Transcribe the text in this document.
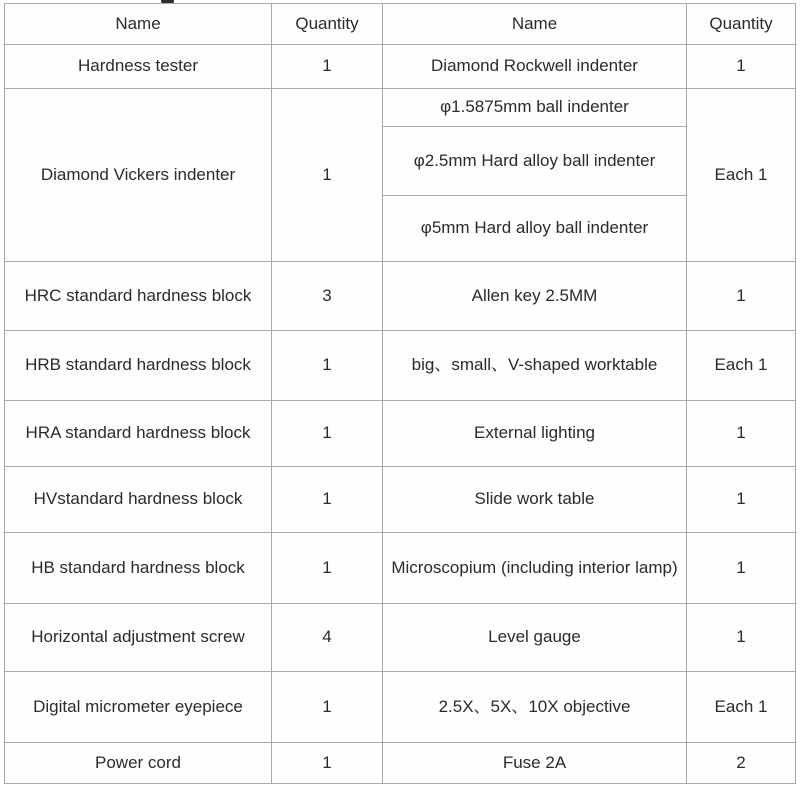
Name	Quantity	Name	Quantity
Hardness tester	1	Diamond Rockwell indenter	1
Diamond Vickers indenter	1	φ1.5875mm ball indenter	Each 1
		φ2.5mm Hard alloy ball indenter	
		φ5mm Hard alloy ball indenter	
HRC standard hardness block	3	Allen key 2.5MM	1
HRB standard hardness block	1	big、small、V-shaped worktable	Each 1
HRA standard hardness block	1	External lighting	1
HVstandard hardness block	1	Slide work table	1
HB standard hardness block	1	Microscopium (including interior lamp)	1
Horizontal adjustment screw	4	Level gauge	1
Digital micrometer eyepiece	1	2.5X、5X、10X objective	Each 1
Power cord	1	Fuse 2A	2
